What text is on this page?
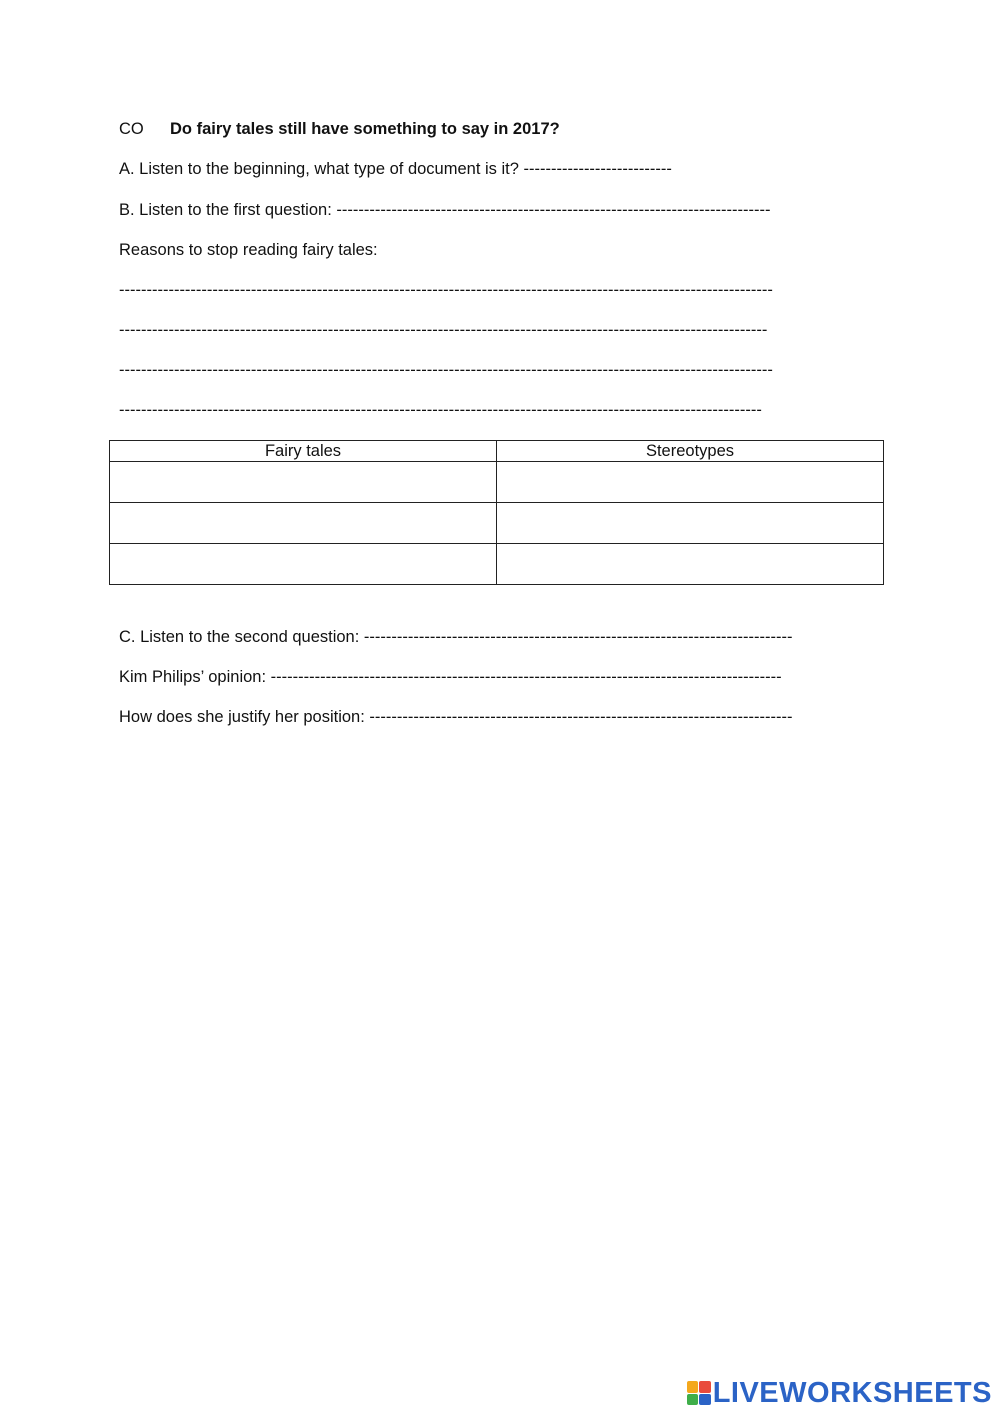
CO Do fairy tales still have something to say in 2017?
A. Listen to the beginning, what type of document is it? ---------------------------
B. Listen to the first question: -------------------------------------------------------------------------------
Reasons to stop reading fairy tales:
-----------------------------------------------------------------------------------------------------------------------
----------------------------------------------------------------------------------------------------------------------
-----------------------------------------------------------------------------------------------------------------------
---------------------------------------------------------------------------------------------------------------------
Fairy tales	Stereotypes

C. Listen to the second question: ------------------------------------------------------------------------------
Kim Philips’ opinion: ---------------------------------------------------------------------------------------------
How does she justify her position: -----------------------------------------------------------------------------
LIVEWORKSHEETS
